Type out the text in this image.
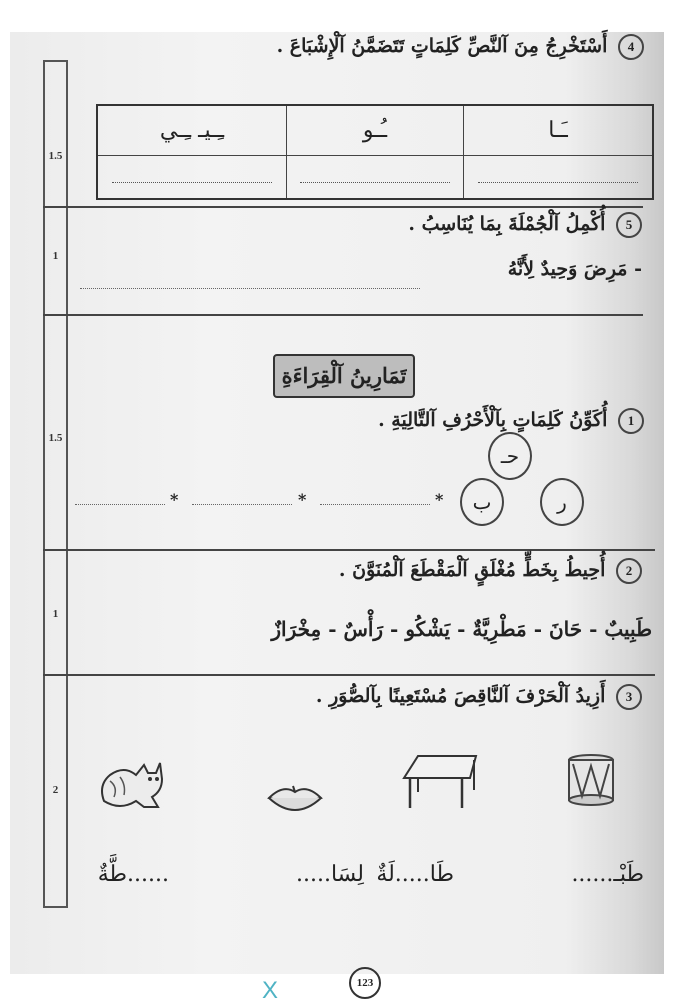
1.5
1
1.5
1
2
4 أَسْتَخْرِجُ مِنَ آلنَّصِّ كَلِمَاتٍ تَتَضَمَّنُ آلْإِشْبَاعَ .
ـَـا	ـُـو	ـِـيـ ـِـي

5 أُكْمِلُ آلْجُمْلَةَ بِمَا يُنَاسِبُ .
- مَرِضَ وَحِيدٌ لِأَنَّهُ
تَمَارِينُ آلْقِرَاءَةِ
1 أُكَوِّنُ كَلِمَاتٍ بِآلْأَحْرُفِ آلتَّالِيَةِ .
حـ
ر
ب
*	*	*
2 أُحِيطُ بِخَطٍّ مُغْلَقٍ آلْمَقْطَعَ آلْمُنَوَّنَ .
طَبِيبٌ - حَانَ - مَطْرِيَّةٌ - يَشْكُو - رَأْسٌ - مِخْرَازٌ
3 أَزِيدُ آلْحَرْفَ آلنَّاقِصَ مُسْتَعِينًا بِآلصُّوَرِ .
طَبْـ......
طَا.....لَةٌ
لِسَا.....
......طَّةٌ
123
X
